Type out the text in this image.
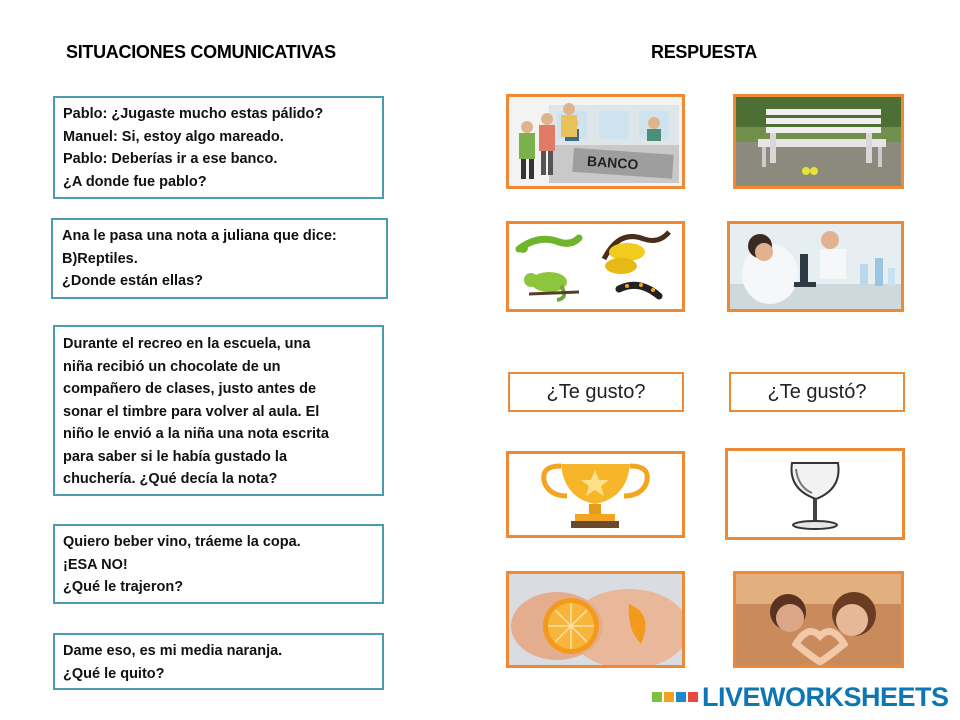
SITUACIONES COMUNICATIVAS	RESPUESTA
Pablo: ¿Jugaste mucho estas pálido?
Manuel: Si, estoy algo mareado.
Pablo: Deberías ir a ese banco.
¿A donde fue pablo?
Ana le pasa una nota a juliana que dice:
B)Reptiles.
¿Donde están ellas?
Durante el recreo en la escuela, una
niña recibió un chocolate de un
compañero de clases, justo antes de
sonar el timbre para volver al aula. El
niño le envió a la niña una nota escrita
para saber si le había gustado la
chuchería. ¿Qué decía la nota?
Quiero beber vino, tráeme la copa.
¡ESA NO!
¿Qué le trajeron?
Dame eso, es mi media naranja.
¿Qué le quito?
BANCO
¿Te gusto?	¿Te gustó?
LIVEWORKSHEETS
